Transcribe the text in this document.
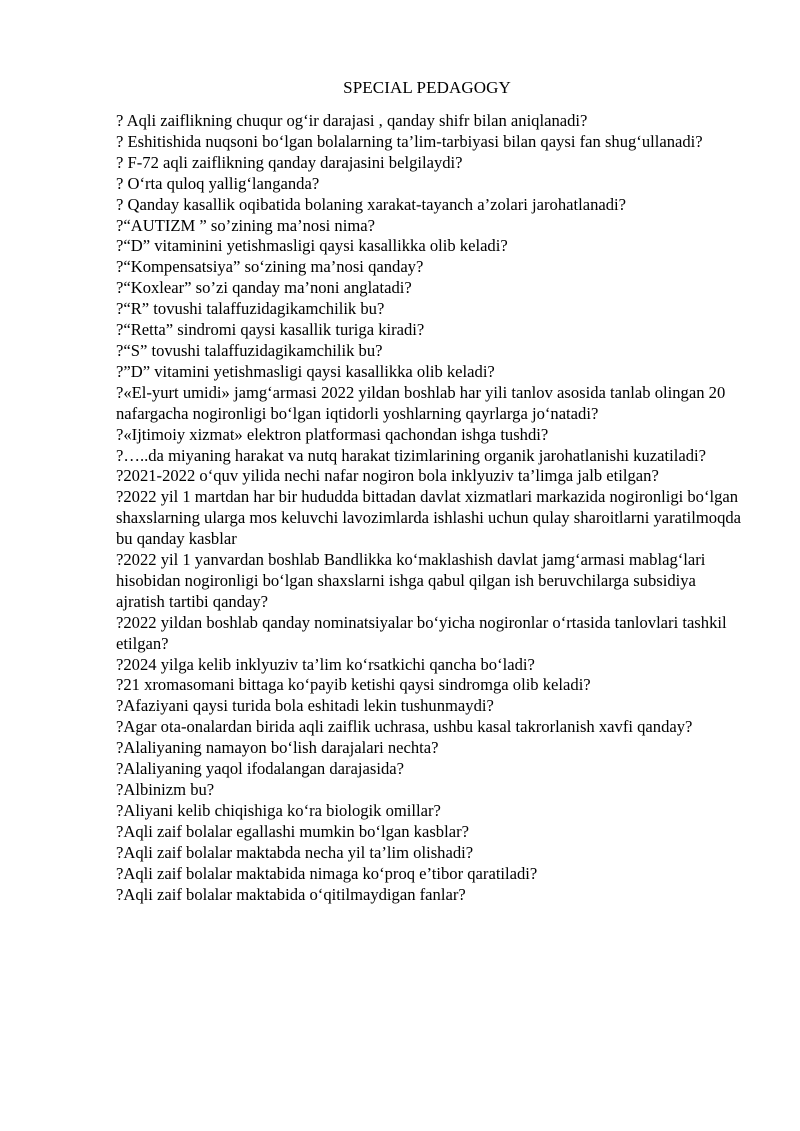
SPECIAL PEDAGOGY
? Aqli zaiflikning chuqur og‘ir darajasi , qanday shifr bilan aniqlanadi?
? Eshitishida nuqsoni bo‘lgan bolalarning ta’lim-tarbiyasi bilan qaysi fan shug‘ullanadi?
? F-72 aqli zaiflikning qanday darajasini belgilaydi?
? O‘rta quloq yallig‘langanda?
? Qanday kasallik oqibatida bolaning xarakat-tayanch a’zolari jarohatlanadi?
?“AUTIZM ” so’zining ma’nosi nima?
?“D” vitaminini yetishmasligi qaysi kasallikka olib keladi?
?“Kompensatsiya” so‘zining ma’nosi qanday?
?“Koxlear” so’zi qanday ma’noni anglatadi?
?“R” tovushi talaffuzidagikamchilik bu?
?“Retta” sindromi qaysi kasallik turiga kiradi?
?“S” tovushi talaffuzidagikamchilik bu?
?”D” vitamini yetishmasligi qaysi kasallikka olib keladi?
?«El-yurt umidi» jamg‘armasi 2022 yildan boshlab har yili tanlov asosida tanlab olingan 20 nafargacha nogironligi bo‘lgan iqtidorli yoshlarning qayrlarga jo‘natadi?
?«Ijtimoiy xizmat» elektron platformasi qachondan ishga tushdi?
?…..da miyaning harakat va nutq harakat tizimlarining organik jarohatlanishi kuzatiladi?
?2021-2022 o‘quv yilida nechi nafar nogiron bola inklyuziv ta’limga jalb etilgan?
?2022 yil 1 martdan har bir hududda bittadan davlat xizmatlari markazida nogironligi bo‘lgan shaxslarning ularga mos keluvchi lavozimlarda ishlashi uchun qulay sharoitlarni yaratilmoqda bu qanday kasblar
?2022 yil 1 yanvardan boshlab Bandlikka ko‘maklashish davlat jamg‘armasi mablag‘lari hisobidan nogironligi bo‘lgan shaxslarni ishga qabul qilgan ish beruvchilarga subsidiya ajratish tartibi qanday?
?2022 yildan boshlab qanday nominatsiyalar bo‘yicha nogironlar o‘rtasida tanlovlari tashkil etilgan?
?2024 yilga kelib inklyuziv ta’lim ko‘rsatkichi qancha bo‘ladi?
?21 xromasomani bittaga ko‘payib ketishi qaysi sindromga olib keladi?
?Afaziyani qaysi turida bola eshitadi lekin tushunmaydi?
?Agar ota-onalardan birida aqli zaiflik uchrasa, ushbu kasal takrorlanish xavfi qanday?
?Alaliyaning namayon bo‘lish darajalari nechta?
?Alaliyaning yaqol ifodalangan darajasida?
?Albinizm bu?
?Aliyani kelib chiqishiga ko‘ra biologik omillar?
?Aqli zaif bolalar egallashi mumkin bo‘lgan kasblar?
?Aqli zaif bolalar maktabda necha yil ta’lim olishadi?
?Aqli zaif bolalar maktabida nimaga ko‘proq e’tibor qaratiladi?
?Aqli zaif bolalar maktabida o‘qitilmaydigan fanlar?
